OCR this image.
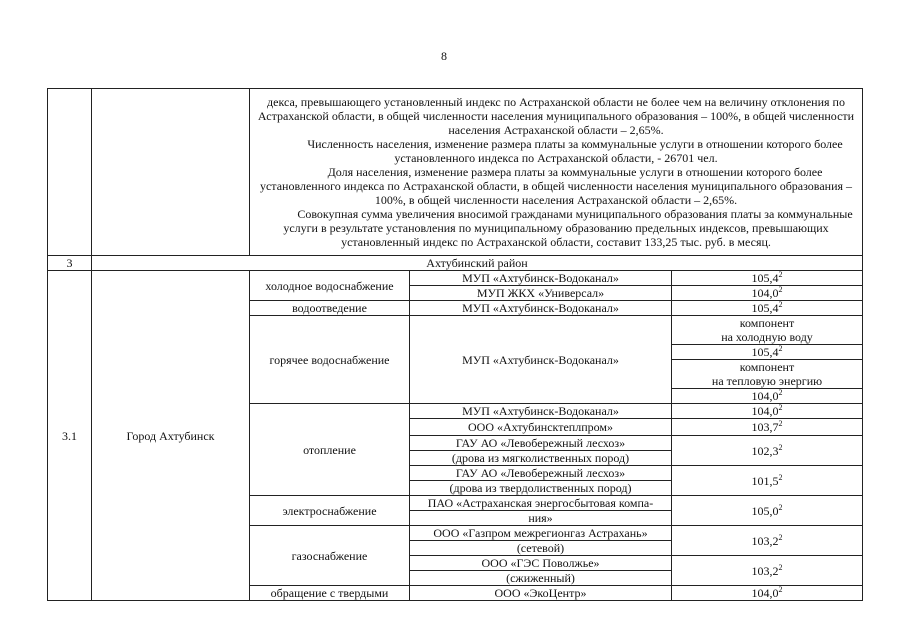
8

		декса, превышающего установленный индекс по Астраханской области не более чем на величину отклонения по Астраханской области, в общей численности населения муниципального образования – 100%, в общей численности населения Астраханской области – 2,65%.

Численность населения, изменение размера платы за коммунальные услуги в отношении которого более установленного индекса по Астраханской области, - 26701 чел.

Доля населения, изменение размера платы за коммунальные услуги в отношении которого более установленного индекса по Астраханской области, в общей численности населения муниципального образования – 100%, в общей численности населения Астраханской области – 2,65%.

Совокупная сумма увеличения вносимой гражданами муниципального образования платы за коммунальные услуги в результате установления по муниципальному образованию предельных индексов, превышающих установленный индекс по Астраханской области, составит 133,25 тыс. руб. в месяц.		

3	Ахтубинский район			
3.1	Город Ахтубинск	холодное водоснабжение	МУП «Ахтубинск-Водоканал»	105,4$^2$
			МУП ЖКХ «Универсал»	104,0$^2$
		водоотведение	МУП «Ахтубинск-Водоканал»	105,4$^2$
		горячее водоснабжение	МУП «Ахтубинск-Водоканал»	компонент
на холодную воду
				105,4$^2$
				компонент
на тепловую энергию
				104,0$^2$
		отопление	МУП «Ахтубинск-Водоканал»	104,0$^2$
			ООО «Ахтубинсктеплпром»	103,7$^2$
			ГАУ АО «Левобережный лесхоз»	102,3$^2$
			(дрова из мягколиственных пород)	
			ГАУ АО «Левобережный лесхоз»	101,5$^2$
			(дрова из твердолиственных пород)	
		электроснабжение	ПАО «Астраханская энергосбытовая компа-	105,0$^2$
			ния»	
		газоснабжение	ООО «Газпром межрегионгаз Астрахань»	103,2$^2$
			(сетевой)	
			ООО «ГЭС Поволжье»	103,2$^2$
			(сжиженный)	
		обращение с твердыми	ООО «ЭкоЦентр»	104,0$^2$
